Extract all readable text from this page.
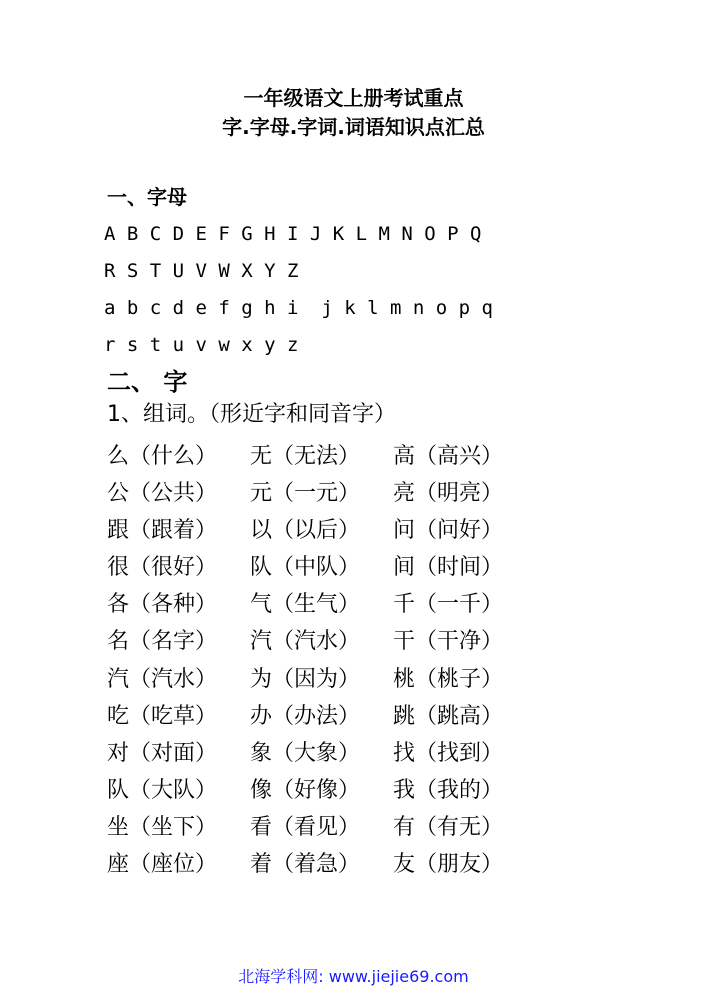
一年级语文上册考试重点
字.字母.字词.词语知识点汇总
一、字母
A B C D E F G H I J K L M N O P Q
R S T U V W X Y Z
a b c d e f g h i  j k l m n o p q
r s t u v w x y z
二、 字
1、组词。（形近字和同音字）
么（什么） 无（无法） 高（高兴）
公（公共） 元（一元） 亮（明亮）
跟（跟着） 以（以后） 问（问好）
很（很好） 队（中队） 间（时间）
各（各种） 气（生气） 千（一千）
名（名字） 汽（汽水） 干（干净）
汽（汽水） 为（因为） 桃（桃子）
吃（吃草） 办（办法） 跳（跳高）
对（对面） 象（大象） 找（找到）
队（大队） 像（好像） 我（我的）
坐（坐下） 看（看见） 有（有无）
座（座位） 着（着急） 友（朋友）
北海学科网: www.jiejie69.com
